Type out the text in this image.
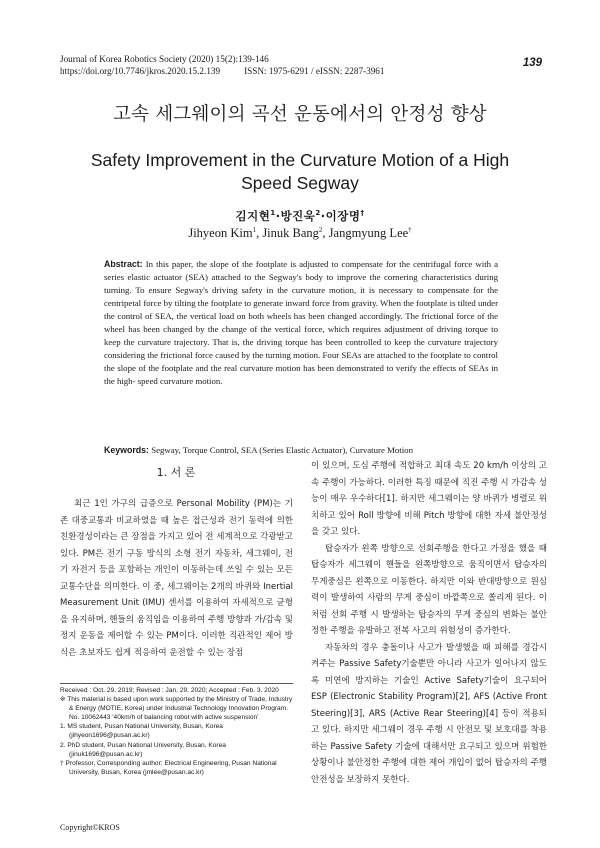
Journal of Korea Robotics Society (2020) 15(2):139-146
https://doi.org/10.7746/jkros.2020.15.2.139	ISSN: 1975-6291 / eISSN: 2287-3961
139
고속 세그웨이의 곡선 운동에서의 안정성 향상
Safety Improvement in the Curvature Motion of a High Speed Segway
김지현$^1$·방진욱$^2$·이장명†
Jihyeon Kim$^1$, Jinuk Bang$^2$, Jangmyung Lee†
Abstract: In this paper, the slope of the footplate is adjusted to compensate for the centrifugal force with a series elastic actuator (SEA) attached to the Segway's body to improve the cornering characteristics during turning. To ensure Segway's driving safety in the curvature motion, it is necessary to compensate for the centripetal force by tilting the footplate to generate inward force from gravity. When the footplate is tilted under the control of SEA, the vertical load on both wheels has been changed accordingly. The frictional force of the wheel has been changed by the change of the vertical force, which requires adjustment of driving torque to keep the curvature trajectory. That is, the driving torque has been controlled to keep the curvature trajectory considering the frictional force caused by the turning motion. Four SEAs are attached to the footplate to control the slope of the footplate and the real curvature motion has been demonstrated to verify the effects of SEAs in the high- speed curvature motion.
Keywords: Segway, Torque Control, SEA (Series Elastic Actuator), Curvature Motion
1. 서 론

최근 1인 가구의 급증으로 Personal Mobility (PM)는 기존 대중교통과 비교하였을 때 높은 접근성과 전기 동력에 의한 친환경성이라는 큰 장점을 가지고 있어 전 세계적으로 각광받고 있다. PM은 전기 구동 방식의 소형 전기 자동차, 세그웨이, 전기 자전거 등을 포함하는 개인이 이동하는데 쓰일 수 있는 모든 교통수단을 의미한다. 이 중, 세그웨이는 2개의 바퀴와 Inertial Measurement Unit (IMU) 센서를 이용하여 자세적으로 균형을 유지하며, 핸들의 움직임을 이용하여 주행 방향과 가/감속 및 정지 운동을 제어할 수 있는 PM이다. 이러한 직관적인 제어 방식은 초보자도 쉽게 적응하여 운전할 수 있는 장점

이 있으며, 도심 주행에 적합하고 최대 속도 20 km/h 이상의 고속 주행이 가능하다. 이러한 특징 때문에 직진 주행 시 가감속 성능이 매우 우수하다[1]. 하지만 세그웨이는 양 바퀴가 병렬로 위치하고 있어 Roll 방향에 비해 Pitch 방향에 대한 자세 불안정성을 갖고 있다.

탑승자가 왼쪽 방향으로 선회주행을 한다고 가정을 했을 때 탑승자가 세그웨이 핸들을 왼쪽방향으로 움직이면서 탑승자의 무게중심은 왼쪽으로 이동한다. 하지만 이와 반대방향으로 원심력이 발생하여 사람의 무게 중심이 바깥쪽으로 쏠리게 된다. 이처럼 선회 주행 시 발생하는 탑승자의 무게 중심의 변화는 불안정한 주행을 유발하고 전복 사고의 위험성이 증가한다.

자동차의 경우 충돌이나 사고가 발생했을 때 피해를 경감시켜주는 Passive Safety기술뿐만 아니라 사고가 일어나지 않도록 미연에 방지하는 기술인 Active Safety기술이 요구되어 ESP (Electronic Stability Program)[2], AFS (Active Front Steering)[3], ARS (Active Rear Steering)[4] 등이 적용되고 있다. 하지만 세그웨이 경우 주행 시 안전모 및 보호대를 착용하는 Passive Safety 기술에 대해서만 요구되고 있으며 위험한 상황이나 불안정한 주행에 대한 제어 개입이 없어 탑승자의 주행안전성을 보장하지 못한다.

Received : Oct. 29. 2019; Revised : Jan. 29. 2020; Accepted : Feb. 3. 2020

※ This material is based upon work supported by the Ministry of Trade, Industry & Energy (MOTIE, Korea) under Industrial Technology Innovation Program. No. 10062443 '40km/h of balancing robot with active suspension'

1. MS student, Pusan National University, Busan, Korea (jihyeon1696@pusan.ac.kr)

2. PhD student, Pusan National University, Busan, Korea (jinuk1696@pusan.ac.kr)

† Professor, Corresponding author: Electrical Engineering, Pusan National University, Busan, Korea (jmlee@pusan.ac.kr)

Copyright©KROS
